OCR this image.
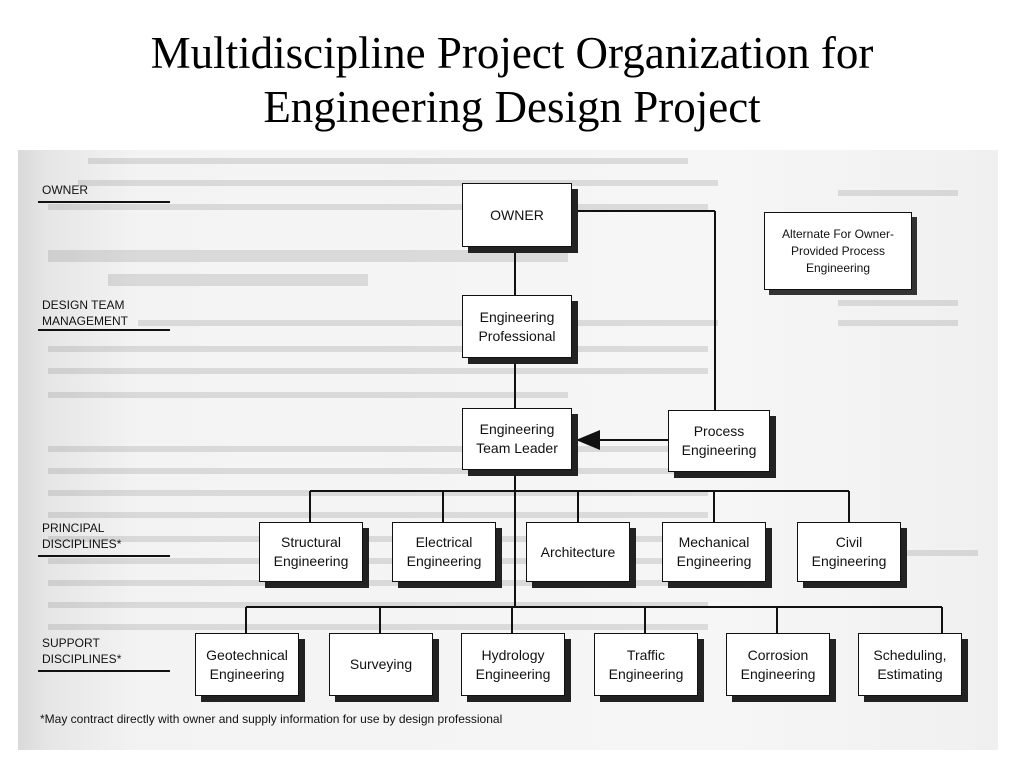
Multidiscipline Project Organization for
Engineering Design Project
OWNER
DESIGN TEAM
MANAGEMENT
PRINCIPAL
DISCIPLINES*
SUPPORT
DISCIPLINES*
OWNER
Alternate For Owner- Provided Process Engineering
Engineering
Professional
Engineering
Team Leader
Process
Engineering
Structural
Engineering
Electrical
Engineering
Architecture
Mechanical
Engineering
Civil
Engineering
Geotechnical
Engineering
Surveying
Hydrology
Engineering
Traffic
Engineering
Corrosion
Engineering
Scheduling,
Estimating
*May contract directly with owner and supply information for use by design professional
